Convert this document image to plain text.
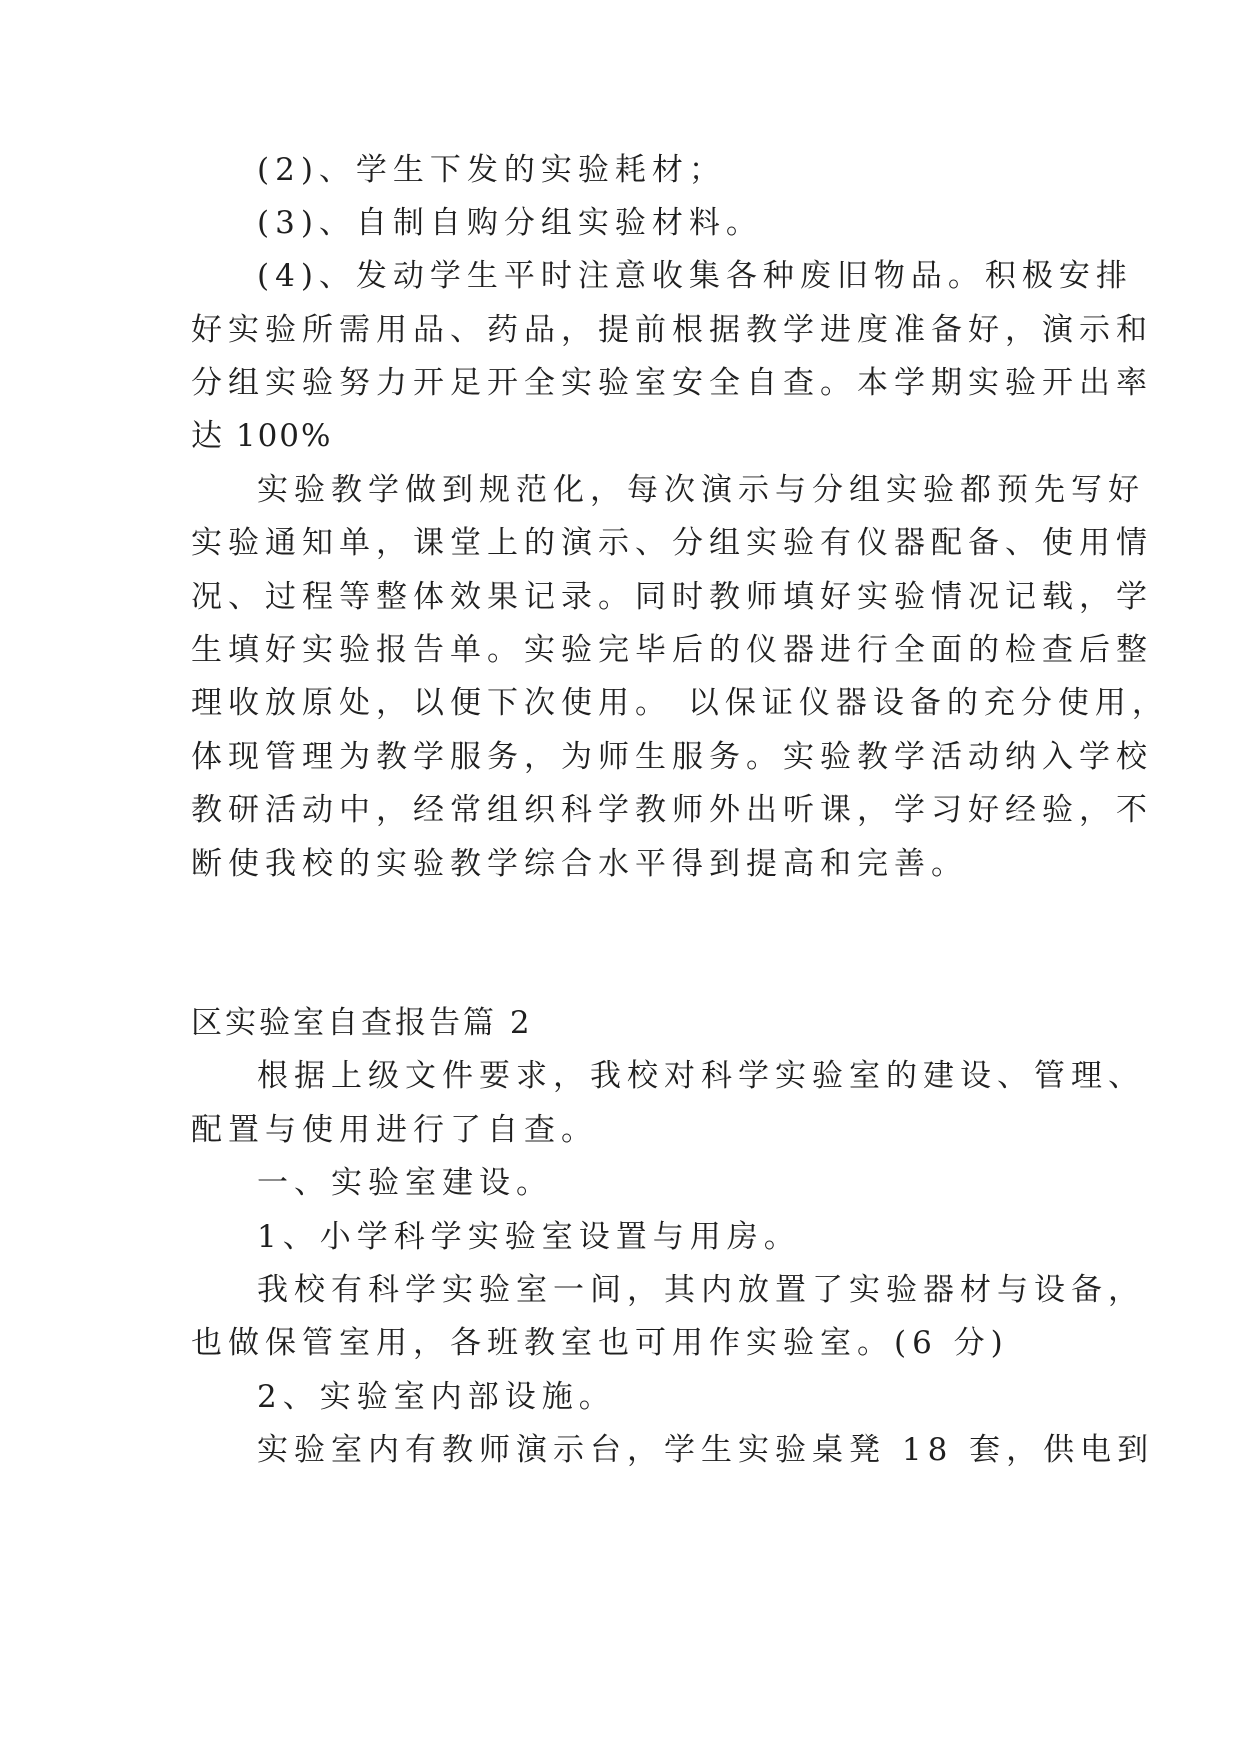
(2)、学生下发的实验耗材；
(3)、自制自购分组实验材料。
(4)、发动学生平时注意收集各种废旧物品。积极安排
好实验所需用品、药品，提前根据教学进度准备好，演示和
分组实验努力开足开全实验室安全自查。本学期实验开出率
达 100%
实验教学做到规范化，每次演示与分组实验都预先写好
实验通知单，课堂上的演示、分组实验有仪器配备、使用情
况、过程等整体效果记录。同时教师填好实验情况记载，学
生填好实验报告单。实验完毕后的仪器进行全面的检查后整
理收放原处，以便下次使用。 以保证仪器设备的充分使用，
体现管理为教学服务，为师生服务。实验教学活动纳入学校
教研活动中，经常组织科学教师外出听课，学习好经验，不
断使我校的实验教学综合水平得到提高和完善。
区实验室自查报告篇 2
根据上级文件要求，我校对科学实验室的建设、管理、
配置与使用进行了自查。
一、实验室建设。
1、小学科学实验室设置与用房。
我校有科学实验室一间，其内放置了实验器材与设备，
也做保管室用，各班教室也可用作实验室。(6 分)
2、实验室内部设施。
实验室内有教师演示台，学生实验桌凳 18 套，供电到
